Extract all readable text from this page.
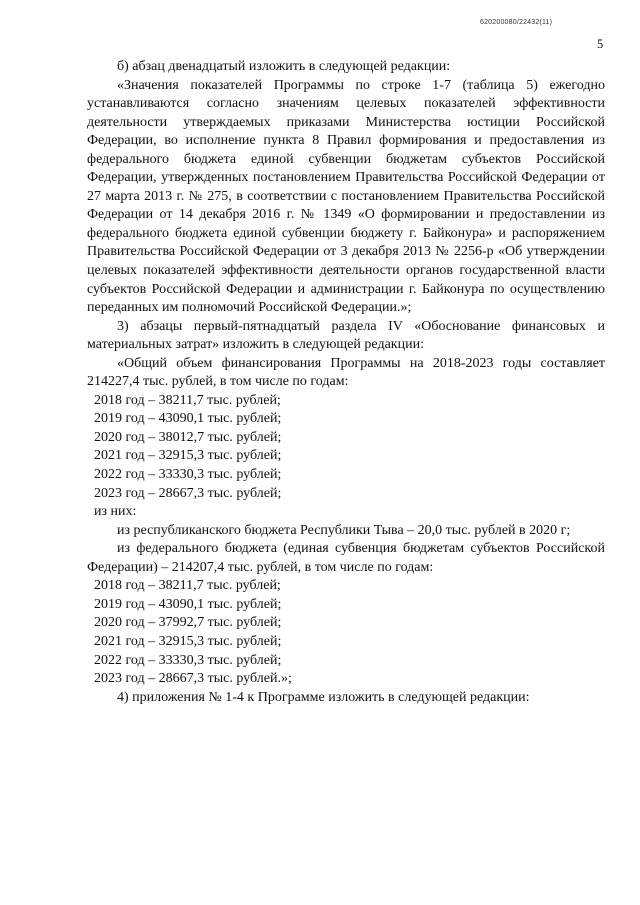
620200080/22432(11)
5

б) абзац двенадцатый изложить в следующей редакции:

«Значения показателей Программы по строке 1-7 (таблица 5) ежегодно устанавливаются согласно значениям целевых показателей эффективности деятельности утверждаемых приказами Министерства юстиции Российской Федерации, во исполнение пункта 8 Правил формирования и предоставления из федерального бюджета единой субвенции бюджетам субъектов Российской Федерации, утвержденных постановлением Правительства Российской Федерации от 27 марта 2013 г. № 275, в соответствии с постановлением Правительства Российской Федерации от 14 декабря 2016 г. № 1349 «О формировании и предоставлении из федерального бюджета единой субвенции бюджету г. Байконура» и распоряжением Правительства Российской Федерации от 3 декабря 2013 № 2256-р «Об утверждении целевых показателей эффективности деятельности органов государственной власти субъектов Российской Федерации и администрации г. Байконура по осуществлению переданных им полномочий Российской Федерации.»;

3) абзацы первый-пятнадцатый раздела IV «Обоснование финансовых и материальных затрат» изложить в следующей редакции:

«Общий объем финансирования Программы на 2018-2023 годы составляет 214227,4 тыс. рублей, в том числе по годам:

2018 год – 38211,7 тыс. рублей;

2019 год – 43090,1 тыс. рублей;

2020 год – 38012,7 тыс. рублей;

2021 год – 32915,3 тыс. рублей;

2022 год – 33330,3 тыс. рублей;

2023 год – 28667,3 тыс. рублей;

из них:

из республиканского бюджета Республики Тыва – 20,0 тыс. рублей в 2020 г;

из федерального бюджета (единая субвенция бюджетам субъектов Российской Федерации) – 214207,4 тыс. рублей, в том числе по годам:

2018 год – 38211,7 тыс. рублей;

2019 год – 43090,1 тыс. рублей;

2020 год – 37992,7 тыс. рублей;

2021 год – 32915,3 тыс. рублей;

2022 год – 33330,3 тыс. рублей;

2023 год – 28667,3 тыс. рублей.»;

4) приложения № 1-4 к Программе изложить в следующей редакции:
